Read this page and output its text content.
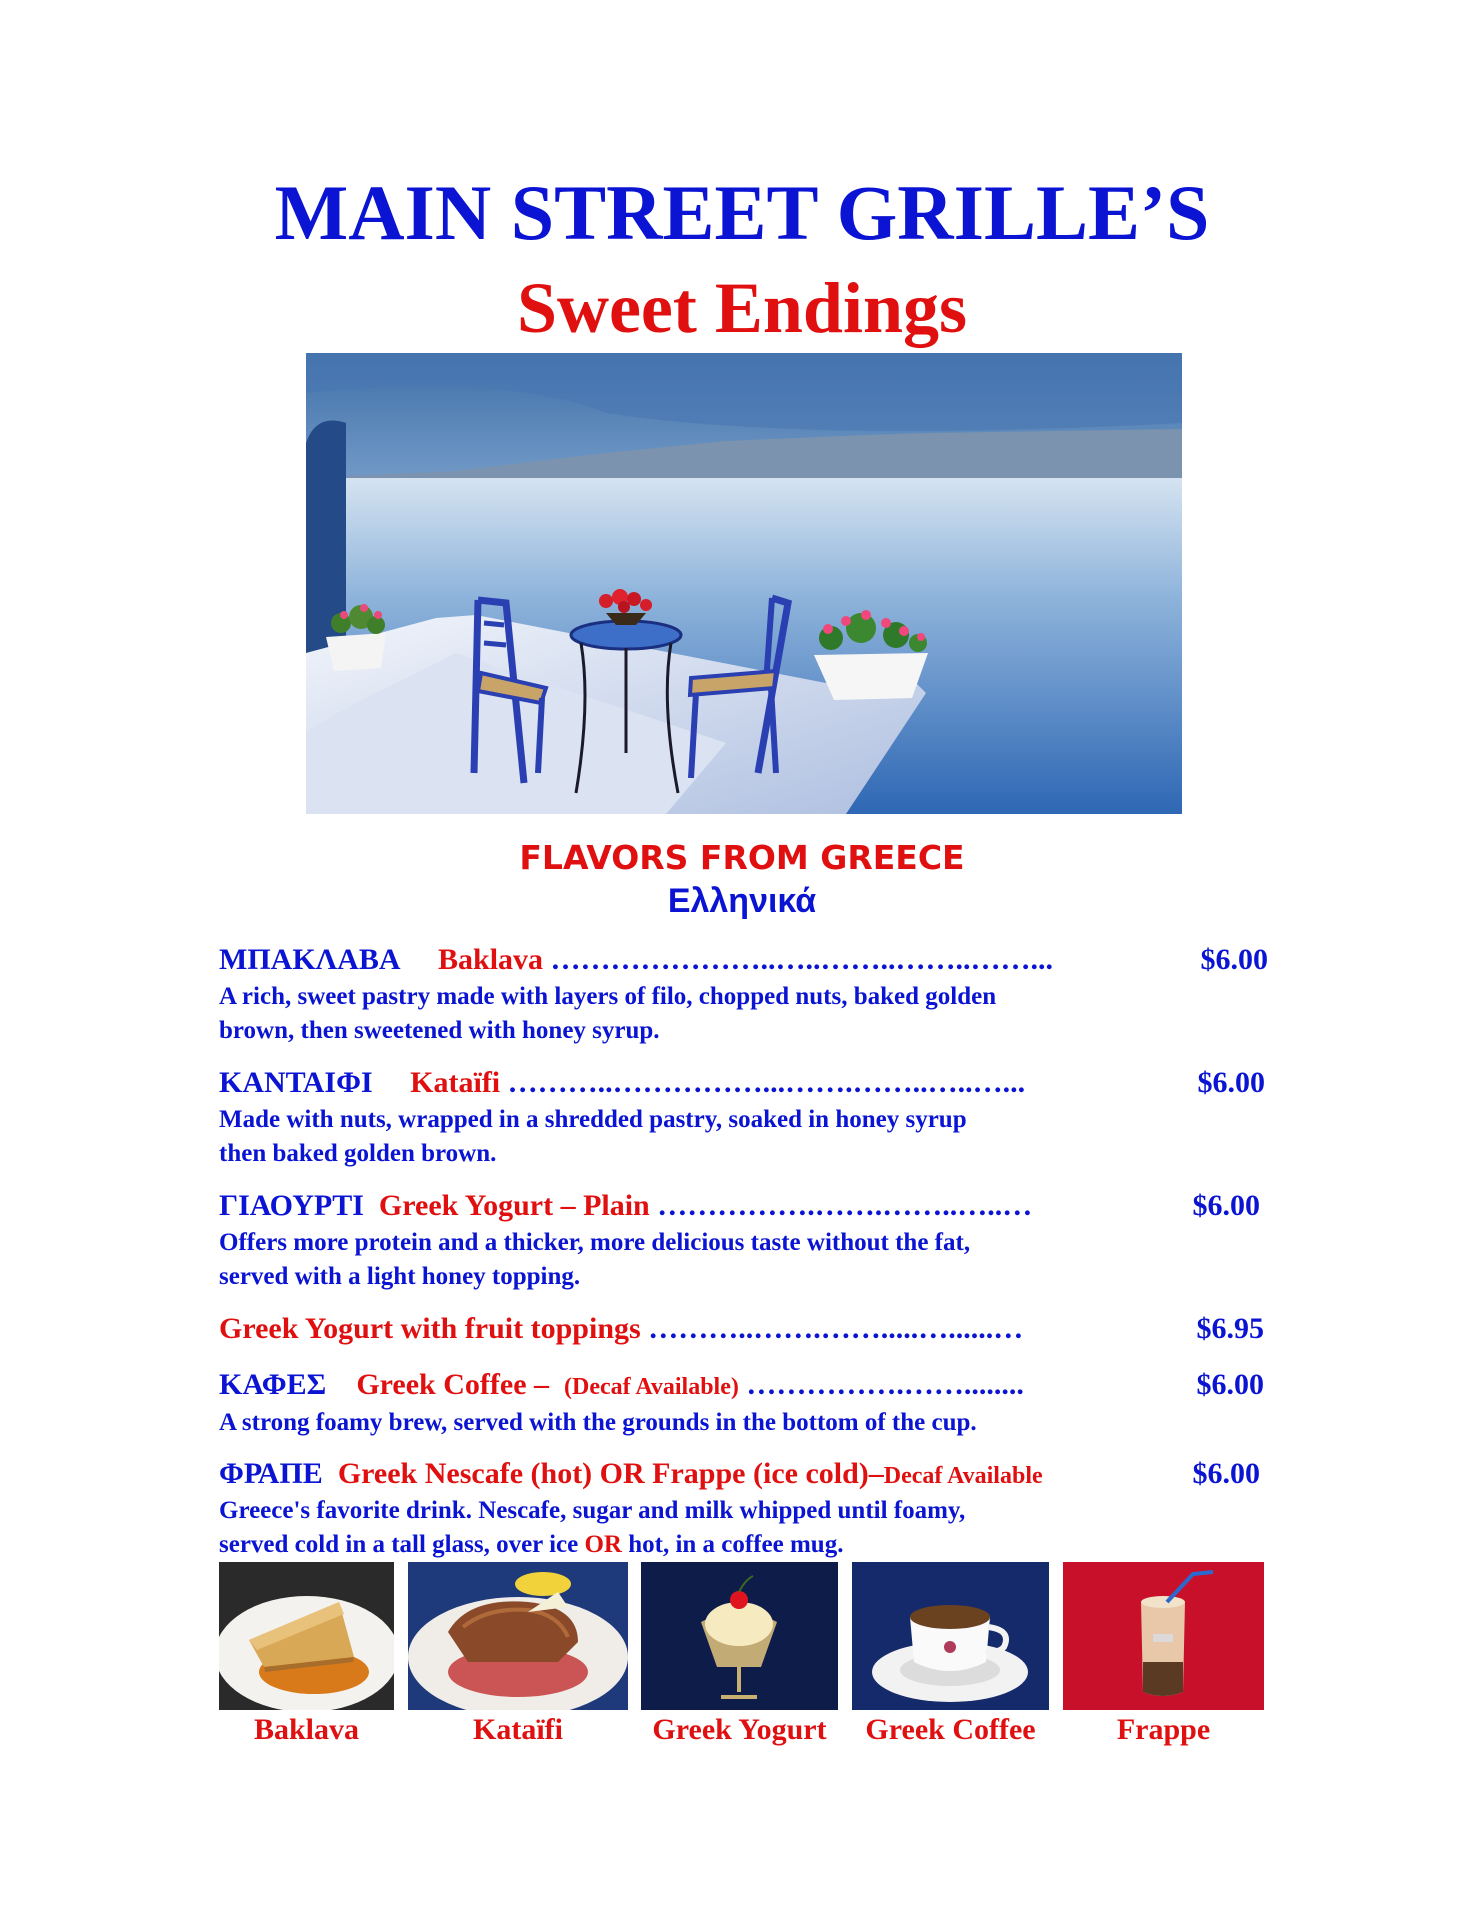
MAIN STREET GRILLE’S
Sweet Endings
FLAVORS FROM GREECE
Ελληνικά
ΜΠΑΚΛΑΒΑ Baklava …………………..…..……..……..……...	$6.00
A rich, sweet pastry made with layers of filo, chopped nuts, baked golden
brown, then sweetened with honey syrup.
ΚΑΝΤΑΙΦΙ Kataïfi ………..……………...…….……..…..…...	$6.00
Made with nuts, wrapped in a shredded pastry, soaked in honey syrup
then baked golden brown.
ΓΙΑΟΥΡΤΙ Greek Yogurt – Plain …………….…….……..…..…	$6.00
Offers more protein and a thicker, more delicious taste without the fat,
served with a light honey topping.
Greek Yogurt with fruit toppings ………..…….…….....…......…	$6.95
ΚΑΦΕΣ Greek Coffee – (Decaf Available) …………….……........	$6.00
A strong foamy brew, served with the grounds in the bottom of the cup.
ΦΡΑΠΕ Greek Nescafe (hot) OR Frappe (ice cold)–Decaf Available	$6.00
Greece's favorite drink. Nescafe, sugar and milk whipped until foamy,
served cold in a tall glass, over ice OR hot, in a coffee mug.
Baklava	Kataïfi	Greek Yogurt	Greek Coffee	Frappe
